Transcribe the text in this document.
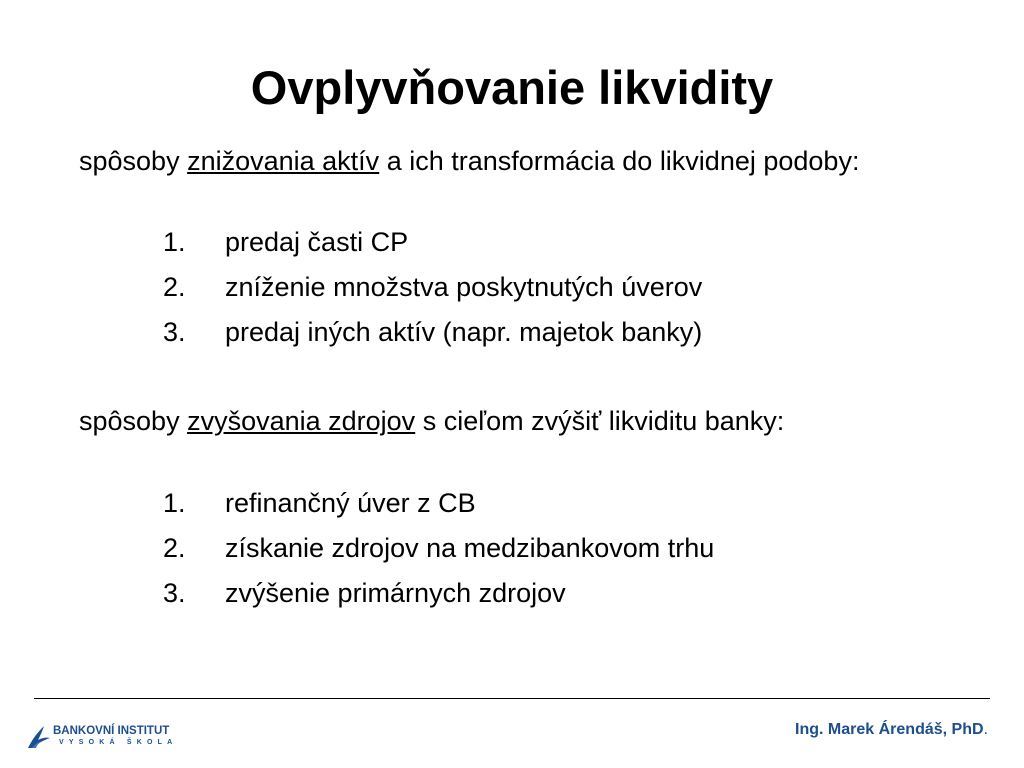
Ovplyvňovanie likvidity

spôsoby znižovania aktív a ich transformácia do likvidnej podoby:

1. predaj časti CP
2. zníženie množstva poskytnutých úverov
3. predaj iných aktív (napr. majetok banky)

spôsoby zvyšovania zdrojov s cieľom zvýšiť likviditu banky:

1. refinančný úver z CB
2. získanie zdrojov na medzibankovom trhu
3. zvýšenie primárnych zdrojov
BANKOVNÍ INSTITUT
VYSOKÁ ŠKOLA
Ing. Marek Árendáš, PhD.
